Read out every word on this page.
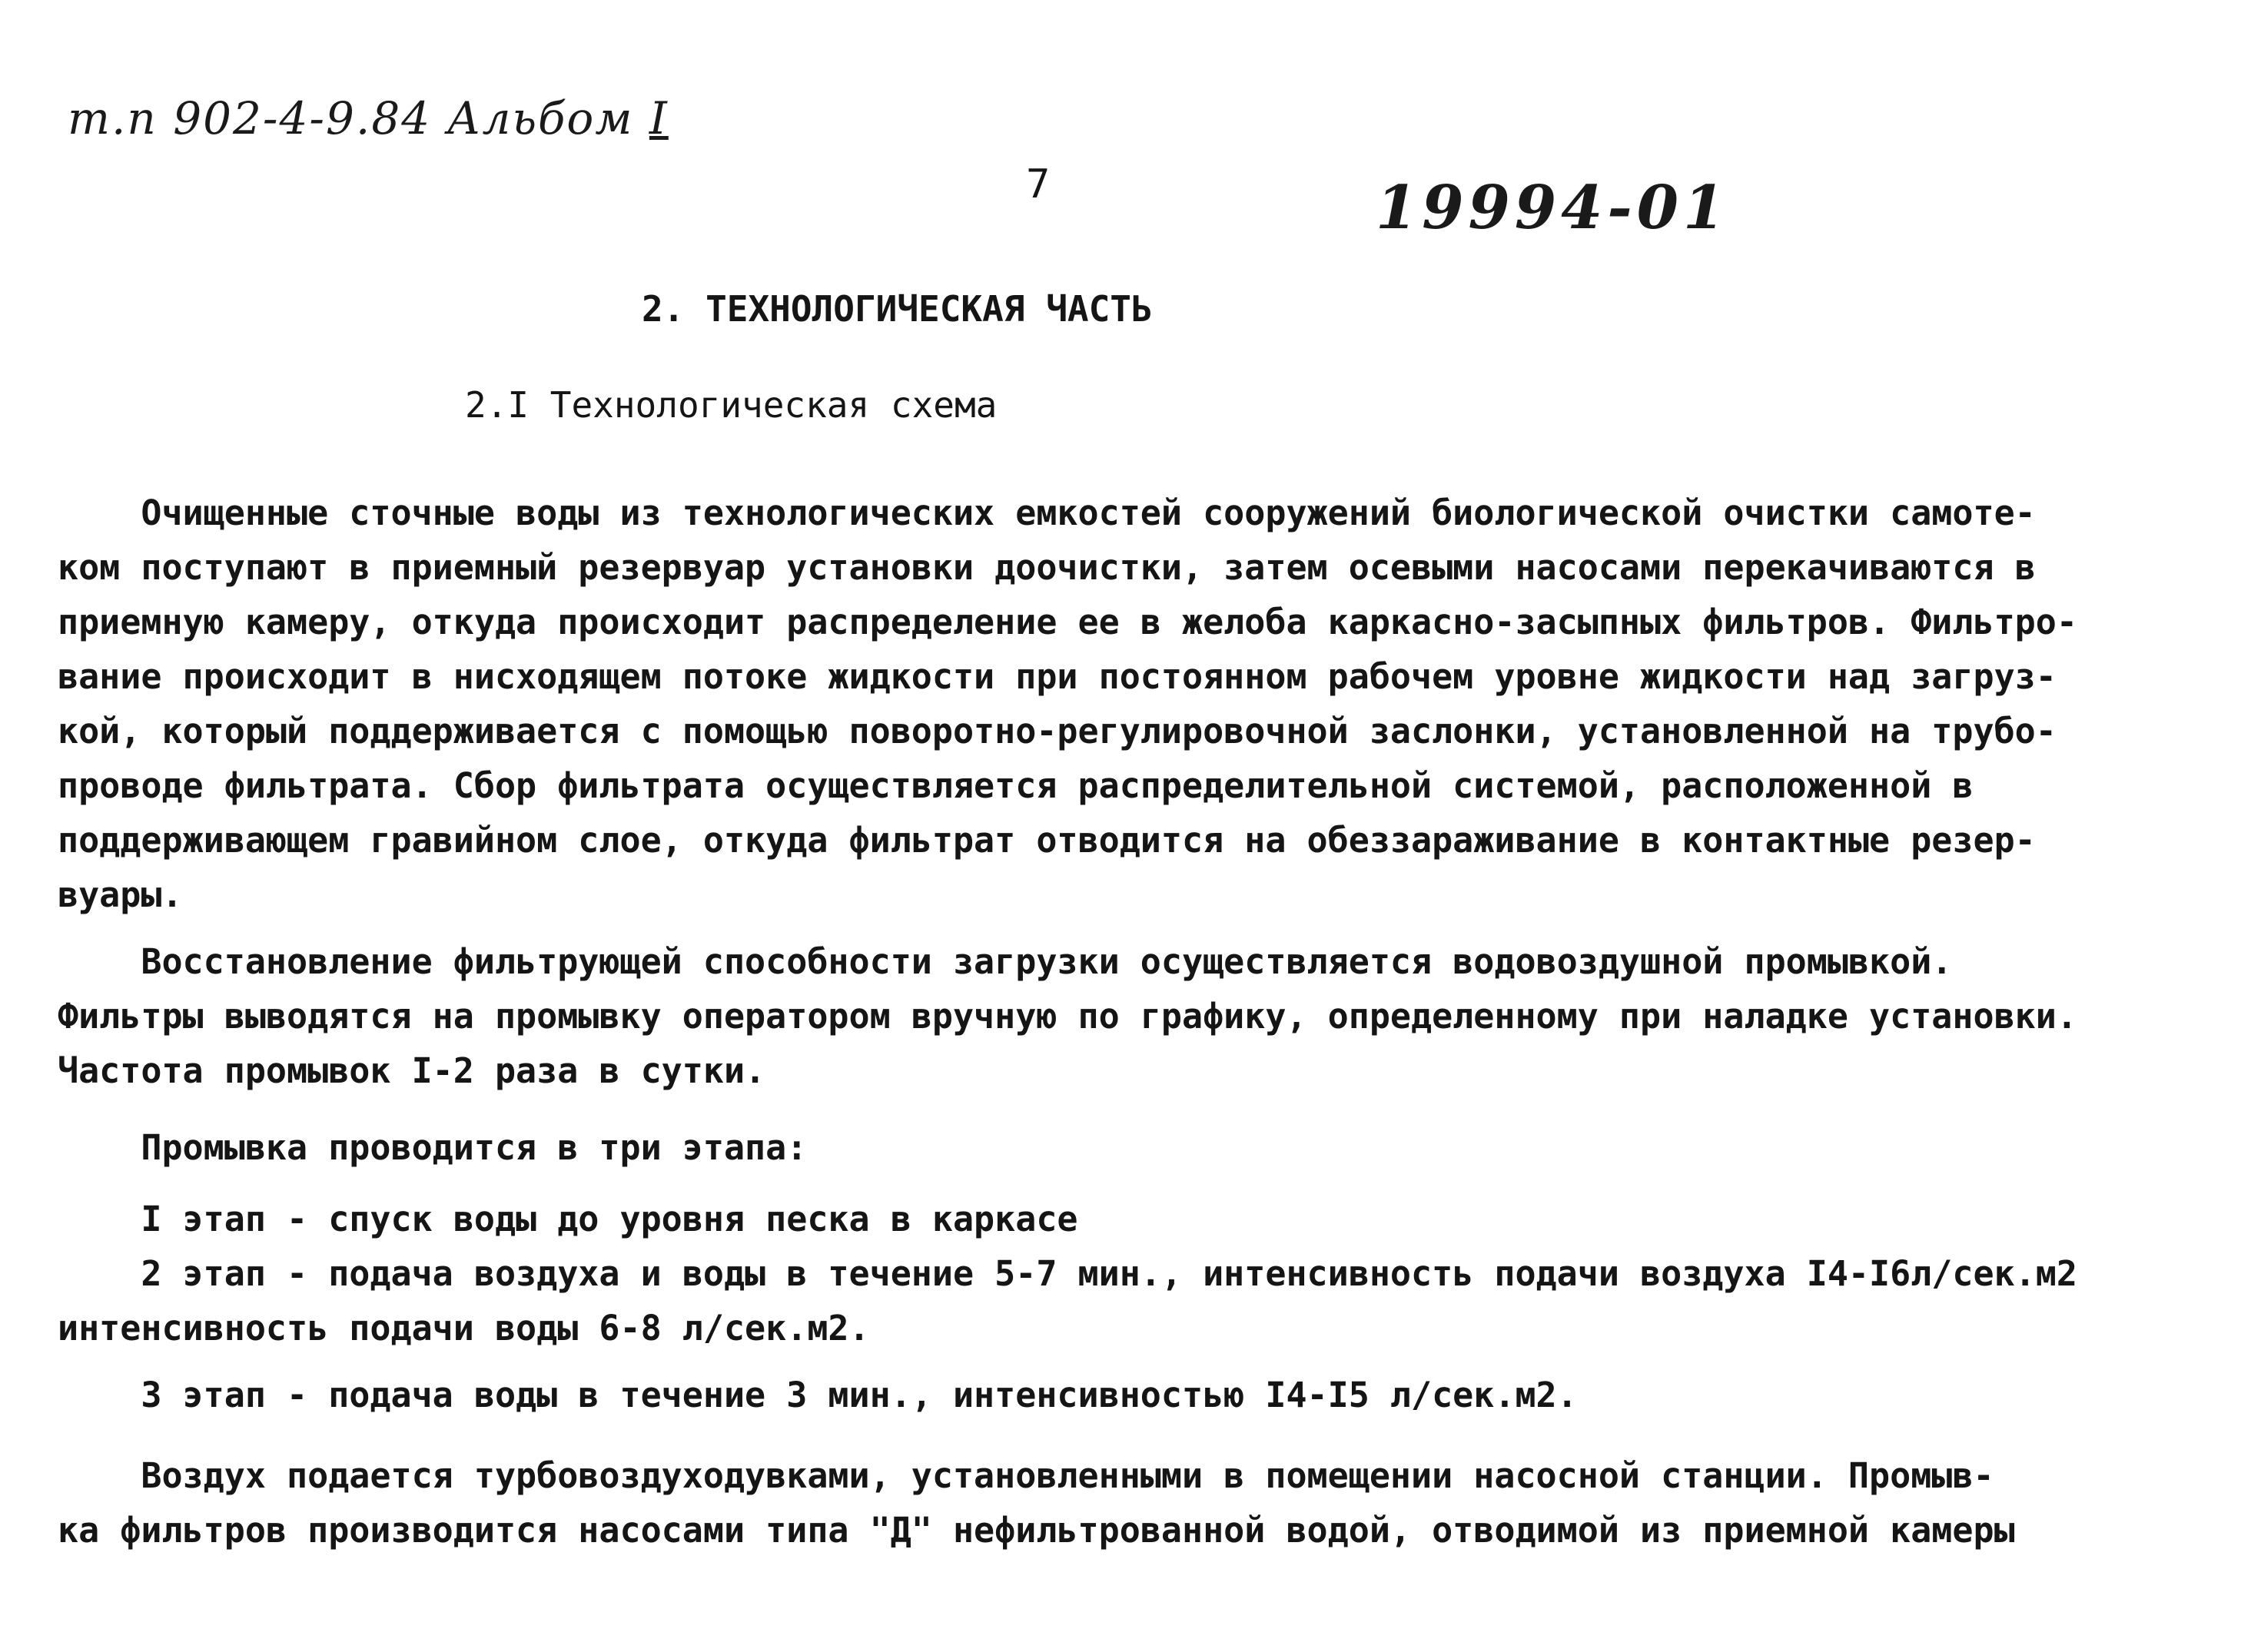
т.п 902-4-9.84 Альбом I
7	19994-01
2. ТЕХНОЛОГИЧЕСКАЯ ЧАСТЬ
2.I Технологическая схема
Очищенные сточные воды из технологических емкостей сооружений биологической очистки самоте-
ком поступают в приемный резервуар установки доочистки, затем осевыми насосами перекачиваются в
приемную камеру, откуда происходит распределение ее в желоба каркасно-засыпных фильтров. Фильтро-
вание происходит в нисходящем потоке жидкости при постоянном рабочем уровне жидкости над загруз-
кой, который поддерживается с помощью поворотно-регулировочной заслонки, установленной на трубо-
проводе фильтрата. Сбор фильтрата осуществляется распределительной системой, расположенной в
поддерживающем гравийном слое, откуда фильтрат отводится на обеззараживание в контактные резер-
вуары.
Восстановление фильтрующей способности загрузки осуществляется водовоздушной промывкой.
Фильтры выводятся на промывку оператором вручную по графику, определенному при наладке установки.
Частота промывок I-2 раза в сутки.
Промывка проводится в три этапа:
I этап - спуск воды до уровня песка в каркасе
2 этап - подача воздуха и воды в течение 5-7 мин., интенсивность подачи воздуха I4-I6л/сек.м2
интенсивность подачи воды 6-8 л/сек.м2.
3 этап - подача воды в течение 3 мин., интенсивностью I4-I5 л/сек.м2.
Воздух подается турбовоздуходувками, установленными в помещении насосной станции. Промыв-
ка фильтров производится насосами типа "Д" нефильтрованной водой, отводимой из приемной камеры
